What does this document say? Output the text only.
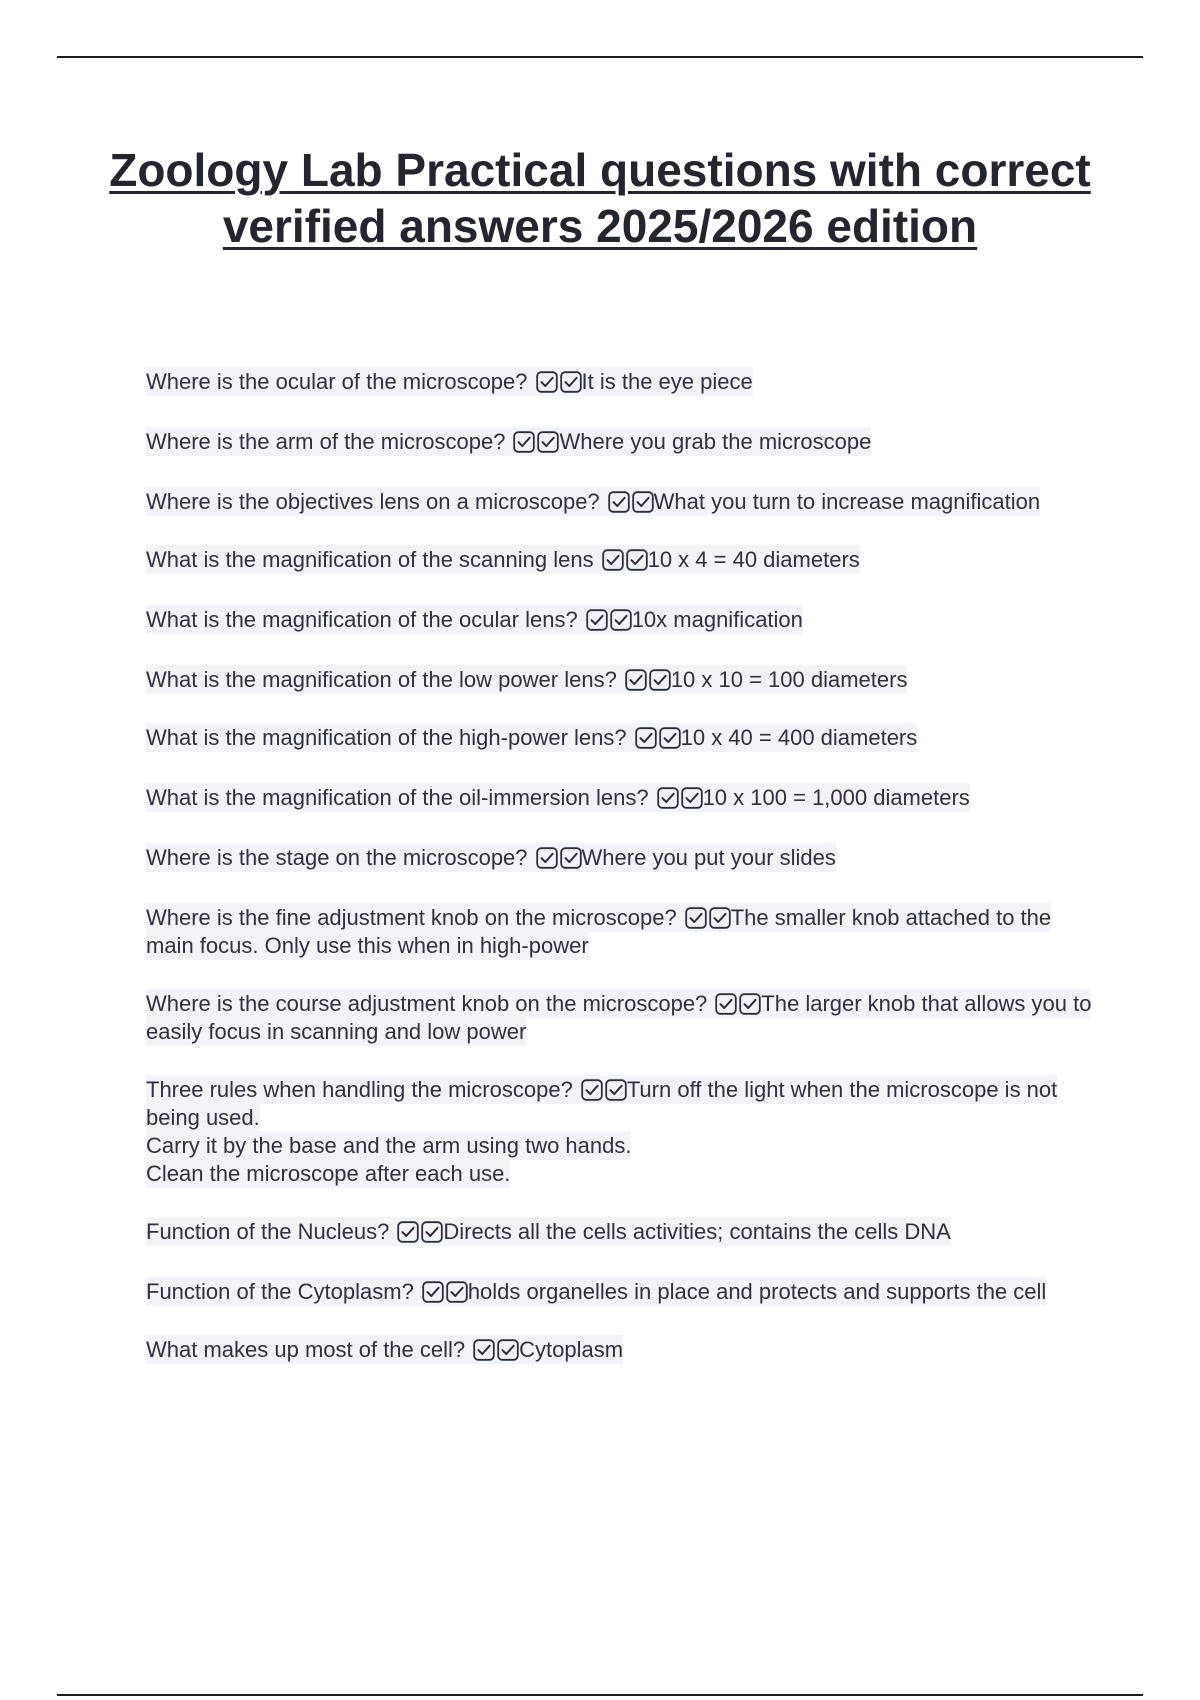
Zoology Lab Practical questions with correct verified answers 2025/2026 edition
Where is the ocular of the microscope? It is the eye piece
Where is the arm of the microscope? Where you grab the microscope
Where is the objectives lens on a microscope? What you turn to increase magnification
What is the magnification of the scanning lens 10 x 4 = 40 diameters
What is the magnification of the ocular lens? 10x magnification
What is the magnification of the low power lens? 10 x 10 = 100 diameters
What is the magnification of the high-power lens? 10 x 40 = 400 diameters
What is the magnification of the oil-immersion lens? 10 x 100 = 1,000 diameters
Where is the stage on the microscope? Where you put your slides
Where is the fine adjustment knob on the microscope? The smaller knob attached to the main focus. Only use this when in high-power
Where is the course adjustment knob on the microscope? The larger knob that allows you to easily focus in scanning and low power
Three rules when handling the microscope? Turn off the light when the microscope is not being used.
Carry it by the base and the arm using two hands.
Clean the microscope after each use.
Function of the Nucleus? Directs all the cells activities; contains the cells DNA
Function of the Cytoplasm? holds organelles in place and protects and supports the cell
What makes up most of the cell? Cytoplasm
